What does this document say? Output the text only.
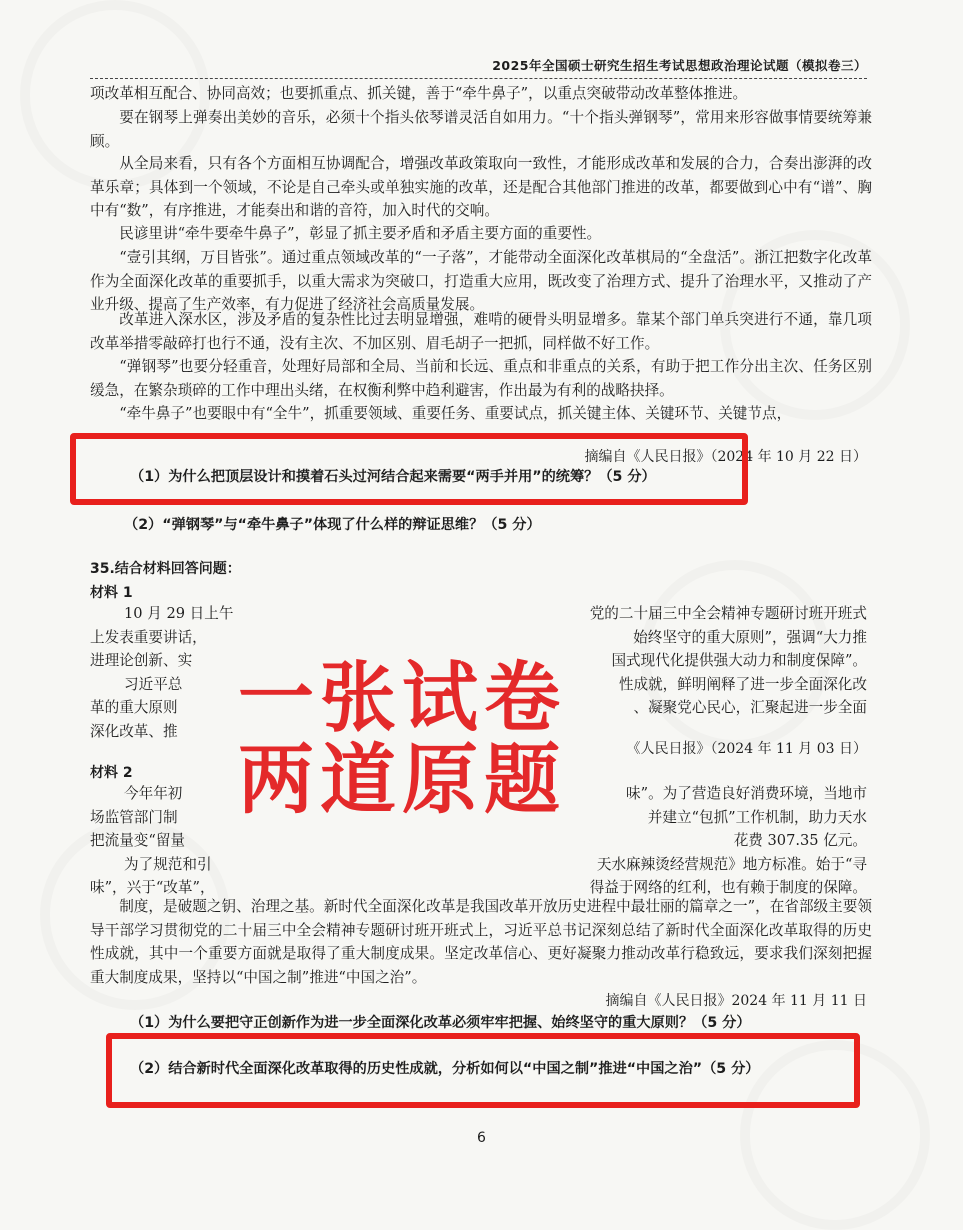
2025年全国硕士研究生招生考试思想政治理论试题（模拟卷三）

项改革相互配合、协同高效；也要抓重点、抓关键，善于“牵牛鼻子”，以重点突破带动改革整体推进。

要在钢琴上弹奏出美妙的音乐，必须十个指头依琴谱灵活自如用力。“十个指头弹钢琴”，常用来形容做事情要统筹兼顾。

从全局来看，只有各个方面相互协调配合，增强改革政策取向一致性，才能形成改革和发展的合力，合奏出澎湃的改革乐章；具体到一个领域，不论是自己牵头或单独实施的改革，还是配合其他部门推进的改革，都要做到心中有“谱”、胸中有“数”，有序推进，才能奏出和谐的音符，加入时代的交响。

民谚里讲“牵牛要牵牛鼻子”，彰显了抓主要矛盾和矛盾主要方面的重要性。

“壹引其纲，万目皆张”。通过重点领域改革的“一子落”，才能带动全面深化改革棋局的“全盘活”。浙江把数字化改革作为全面深化改革的重要抓手，以重大需求为突破口，打造重大应用，既改变了治理方式、提升了治理水平，又推动了产业升级、提高了生产效率，有力促进了经济社会高质量发展。

改革进入深水区，涉及矛盾的复杂性比过去明显增强，难啃的硬骨头明显增多。靠某个部门单兵突进行不通，靠几项改革举措零敲碎打也行不通，没有主次、不加区别、眉毛胡子一把抓，同样做不好工作。

“弹钢琴”也要分轻重音，处理好局部和全局、当前和长远、重点和非重点的关系，有助于把工作分出主次、任务区别缓急，在繁杂琐碎的工作中理出头绪，在权衡利弊中趋利避害，作出最为有利的战略抉择。

“牵牛鼻子”也要眼中有“全牛”，抓重要领域、重要任务、重要试点，抓关键主体、关键环节、关键节点，

摘编自《人民日报》（2024 年 10 月 22 日）
（1）为什么把顶层设计和摸着石头过河结合起来需要“两手并用”的统筹？（5 分）
（2）“弹钢琴”与“牵牛鼻子”体现了什么样的辩证思维？（5 分）
35.结合材料回答问题：
材料 1
10 月 29 日上午	党的二十届三中全会精神专题研讨班开班式
上发表重要讲话，	始终坚守的重大原则”，强调“大力推
进理论创新、实	国式现代化提供强大动力和制度保障”。
习近平总	性成就，鲜明阐释了进一步全面深化改
革的重大原则	、凝聚党心民心，汇聚起进一步全面
深化改革、推
《人民日报》（2024 年 11 月 03 日）
材料 2
今年年初	味”。为了营造良好消费环境，当地市
场监管部门制	并建立“包抓”工作机制，助力天水
把流量变“留量	花费 307.35 亿元。
为了规范和引	天水麻辣烫经营规范》地方标准。始于“寻
味”，兴于“改革”，	得益于网络的红利，也有赖于制度的保障。

制度，是破题之钥、治理之基。新时代全面深化改革是我国改革开放历史进程中最壮丽的篇章之一”，在省部级主要领导干部学习贯彻党的二十届三中全会精神专题研讨班开班式上，习近平总书记深刻总结了新时代全面深化改革取得的历史性成就，其中一个重要方面就是取得了重大制度成果。坚定改革信心、更好凝聚力推动改革行稳致远，要求我们深刻把握重大制度成果，坚持以“中国之制”推进“中国之治”。

摘编自《人民日报》2024 年 11 月 11 日
（1）为什么要把守正创新作为进一步全面深化改革必须牢牢把握、始终坚守的重大原则？（5 分）
（2）结合新时代全面深化改革取得的历史性成就，分析如何以“中国之制”推进“中国之治”（5 分）
一张试卷
两道原题
6
